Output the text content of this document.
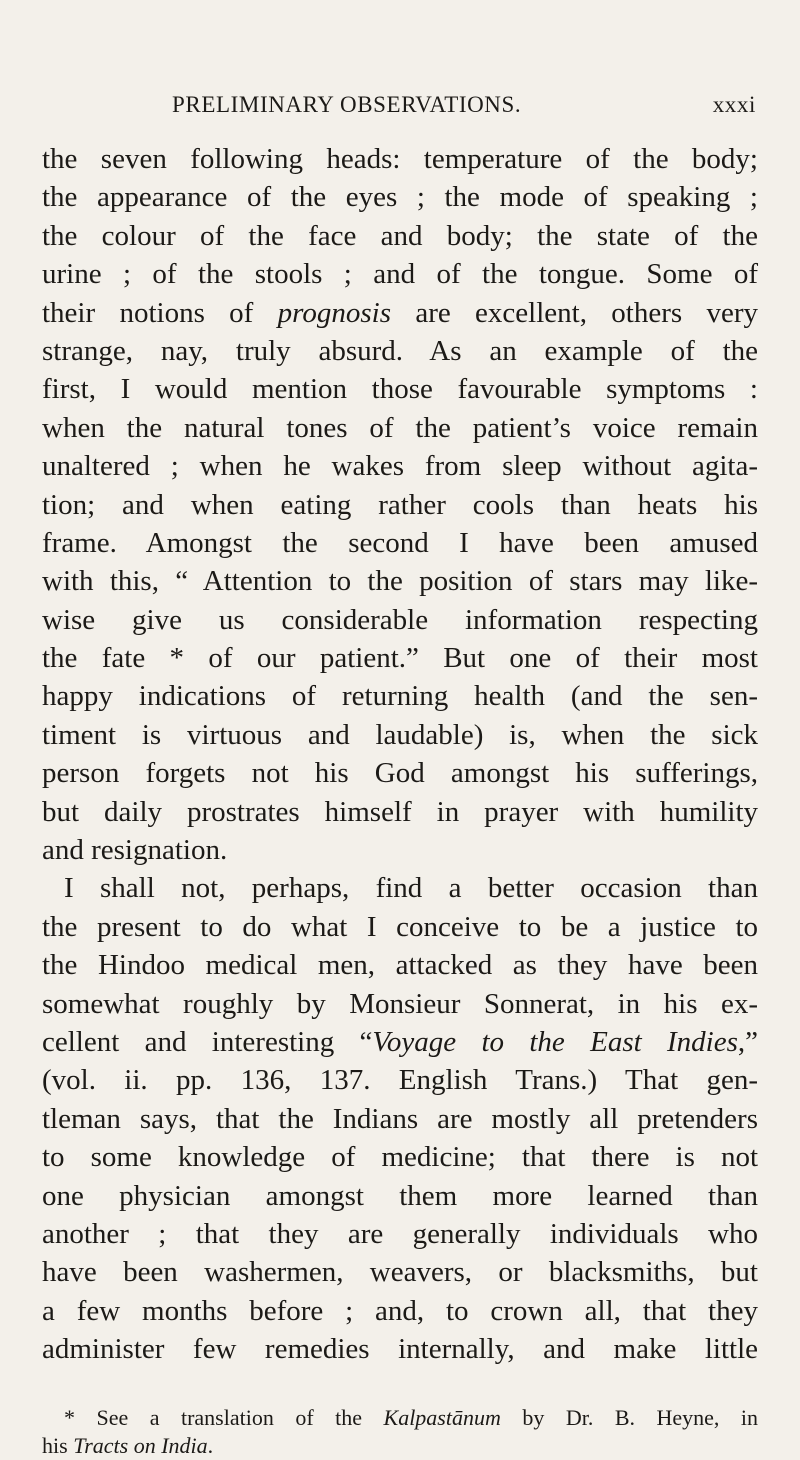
PRELIMINARY OBSERVATIONS.	xxxi
the seven following heads: temperature of the body;
the appearance of the eyes ; the mode of speaking ;
the colour of the face and body; the state of the
urine ; of the stools ; and of the tongue. Some of
their notions of prognosis are excellent, others very
strange, nay, truly absurd. As an example of the
first, I would mention those favourable symptoms :
when the natural tones of the patient’s voice remain
unaltered ; when he wakes from sleep without agita-
tion; and when eating rather cools than heats his
frame. Amongst the second I have been amused
with this, “ Attention to the position of stars may like-
wise give us considerable information respecting
the fate * of our patient.” But one of their most
happy indications of returning health (and the sen-
timent is virtuous and laudable) is, when the sick
person forgets not his God amongst his sufferings,
but daily prostrates himself in prayer with humility
and resignation.
I shall not, perhaps, find a better occasion than
the present to do what I conceive to be a justice to
the Hindoo medical men, attacked as they have been
somewhat roughly by Monsieur Sonnerat, in his ex-
cellent and interesting “Voyage to the East Indies,”
(vol. ii. pp. 136, 137. English Trans.) That gen-
tleman says, that the Indians are mostly all pretenders
to some knowledge of medicine; that there is not
one physician amongst them more learned than
another ; that they are generally individuals who
have been washermen, weavers, or blacksmiths, but
a few months before ; and, to crown all, that they
administer few remedies internally, and make little
* See a translation of the Kalpastānum by Dr. B. Heyne, in
his Tracts on India.
